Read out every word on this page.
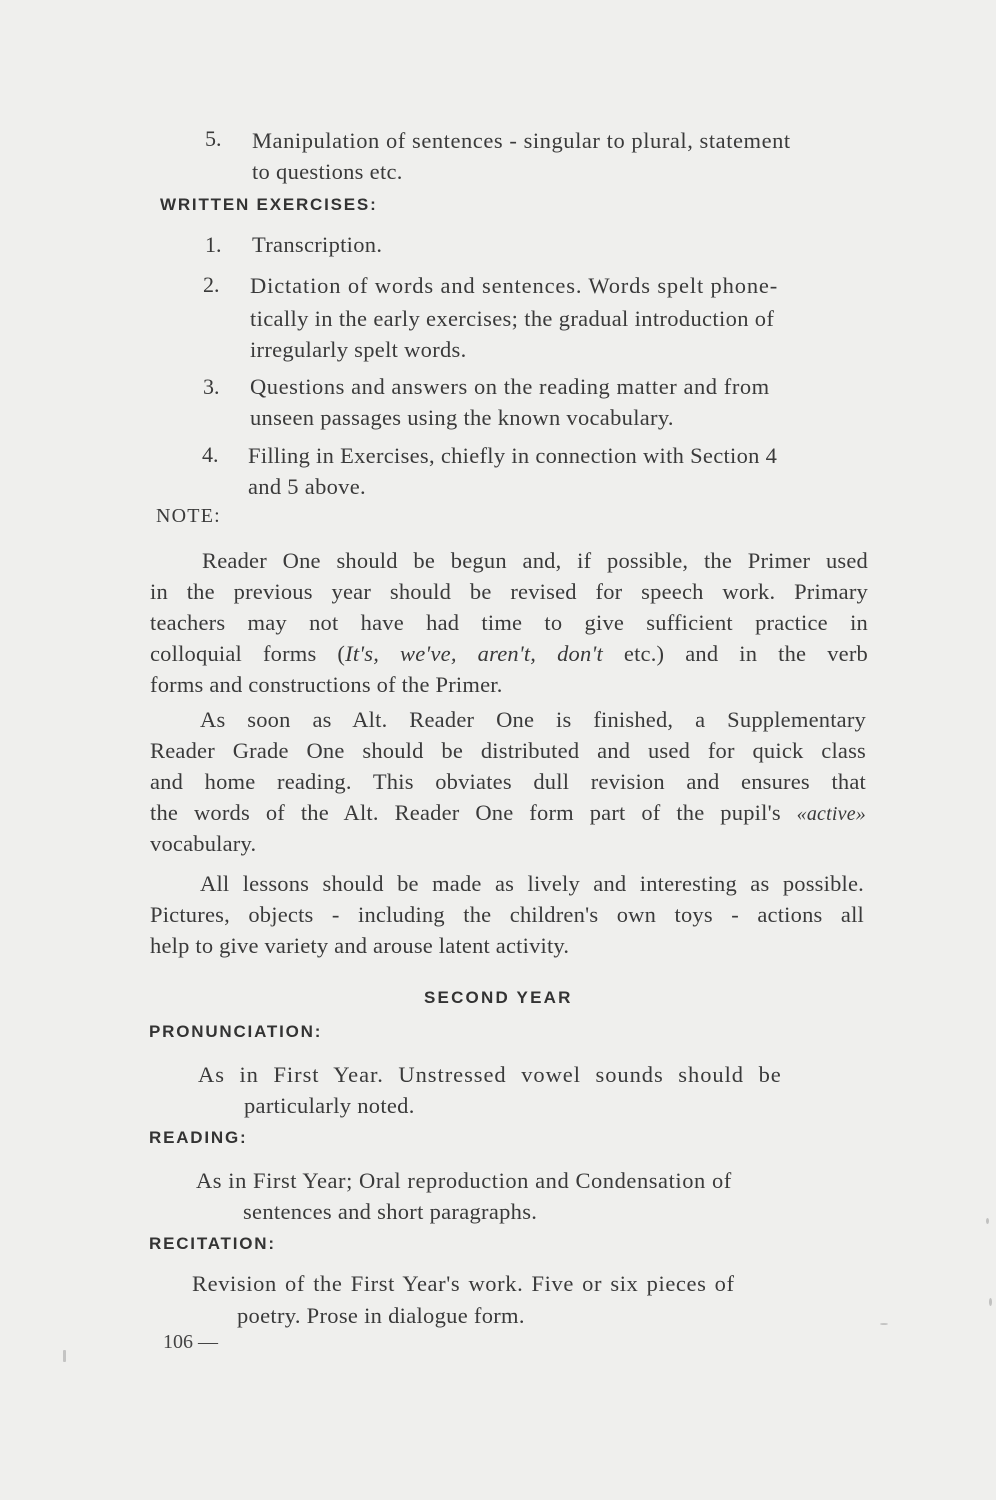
5. Manipulation of sentences - singular to plural, statement
to questions etc.
WRITTEN EXERCISES:
1. Transcription.
2. Dictation of words and sentences. Words spelt phone-
tically in the early exercises; the gradual introduction of
irregularly spelt words.
3. Questions and answers on the reading matter and from
unseen passages using the known vocabulary.
4. Filling in Exercises, chiefly in connection with Section 4
and 5 above.
NOTE:
Reader One should be begun and, if possible, the Primer used
in the previous year should be revised for speech work. Primary
teachers may not have had time to give sufficient practice in
colloquial forms (It's, we've, aren't, don't etc.) and in the verb
forms and constructions of the Primer.
As soon as Alt. Reader One is finished, a Supplementary
Reader Grade One should be distributed and used for quick class
and home reading. This obviates dull revision and ensures that
the words of the Alt. Reader One form part of the pupil's «active»
vocabulary.
All lessons should be made as lively and interesting as possible.
Pictures, objects - including the children's own toys - actions all
help to give variety and arouse latent activity.
SECOND YEAR
PRONUNCIATION:
As in First Year. Unstressed vowel sounds should be
particularly noted.
READING:
As in First Year; Oral reproduction and Condensation of
sentences and short paragraphs.
RECITATION:
Revision of the First Year's work. Five or six pieces of
poetry. Prose in dialogue form.
106 —
